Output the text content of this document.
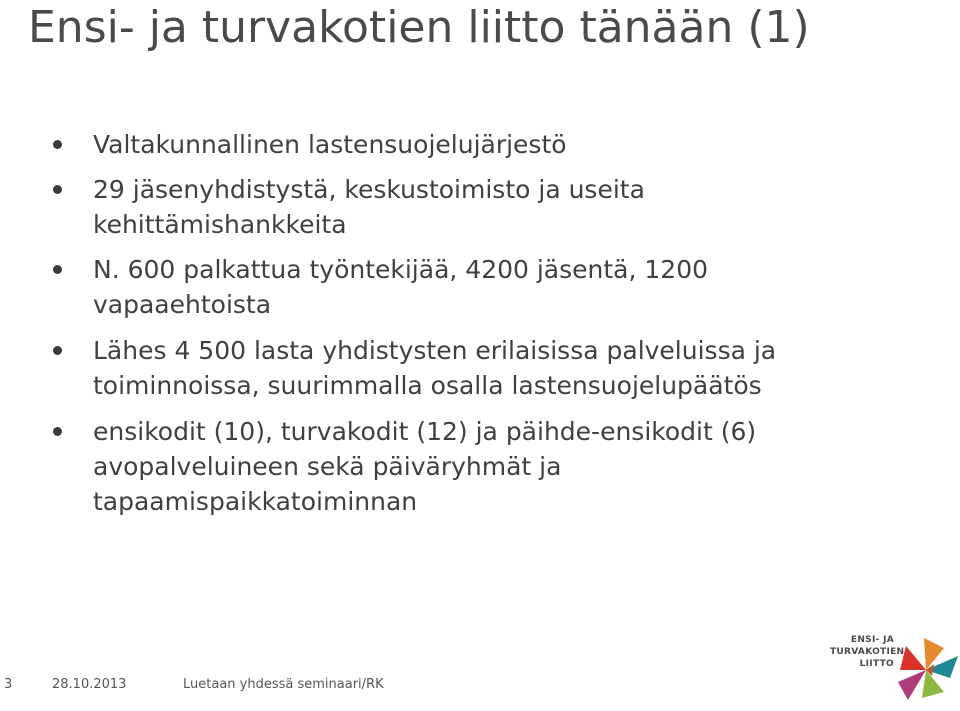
Ensi- ja turvakotien liitto tänään (1)
Valtakunnallinen lastensuojelujärjestö
29 jäsenyhdistystä, keskustoimisto ja useita
kehittämishankkeita
N. 600 palkattua työntekijää, 4200 jäsentä, 1200
vapaaehtoista
Lähes 4 500 lasta yhdistysten erilaisissa palveluissa ja
toiminnoissa, suurimmalla osalla lastensuojelupäätös
ensikodit (10), turvakodit (12) ja päihde-ensikodit (6)
avopalveluineen sekä päiväryhmät ja
tapaamispaikkatoiminnan
3	28.10.2013	Luetaan yhdessä seminaari/RK
ENSI- JA
TURVAKOTIEN
LIITTO
